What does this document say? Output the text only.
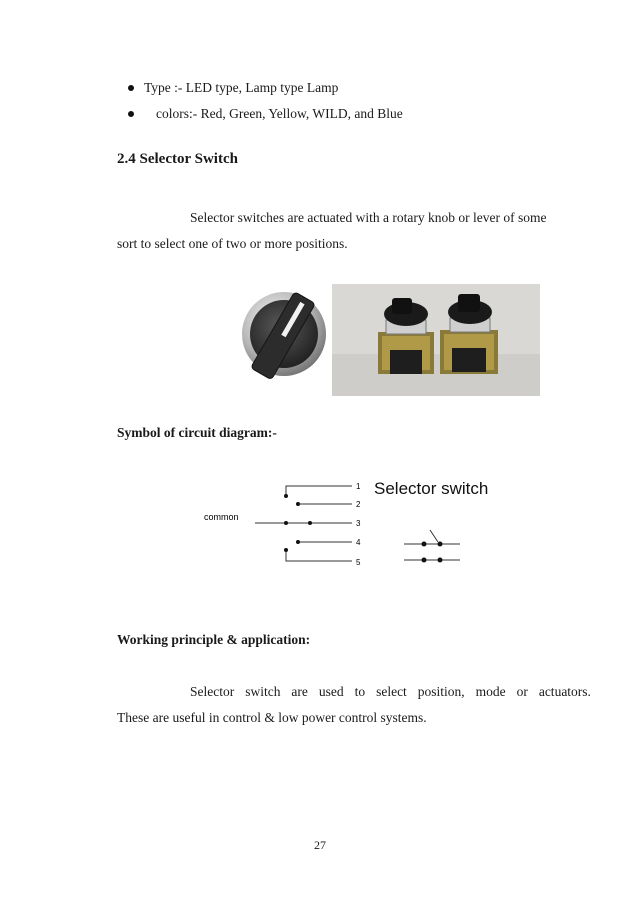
Type :- LED type, Lamp type Lamp
colors:- Red, Green, Yellow, WILD, and Blue
2.4 Selector Switch
Selector switches are actuated with a rotary knob or lever of some
sort to select one of two or more positions.
Symbol of circuit diagram:-
common
1
2
3
4
5
Selector switch
Working principle & application:
Selector switch are used to select position, mode or actuators.
These are useful in control & low power control systems.
27
